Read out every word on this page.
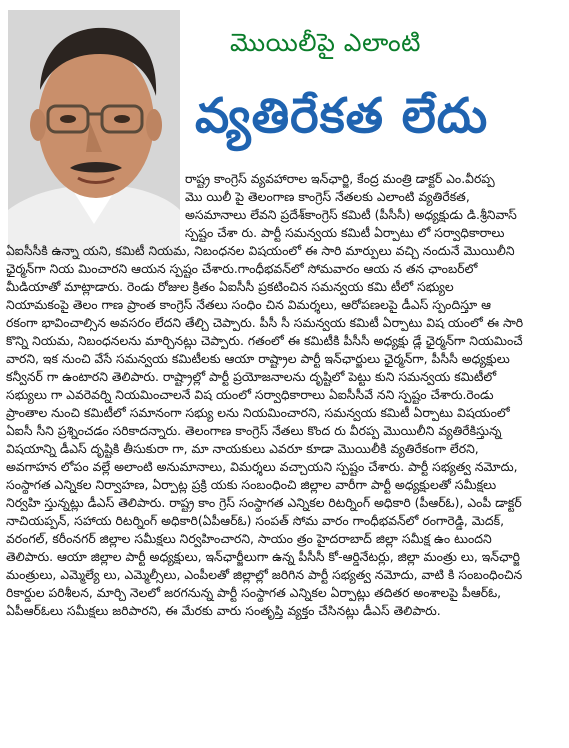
మొయిలీపై ఎలాంటి
వ్యతిరేకత లేదు
రాష్ట్ర కాంగ్రెస్ వ్యవహారాల ఇన్‌ఛార్జి, కేంద్ర మంత్రి డాక్టర్ ఎం.వీరప్ప
మొ యిలీ పై తెలంగాణ కాంగ్రెస్ నేతలకు ఎలాంటి వ్యతిరేకత,
అసమానాలు లేవని ప్రదేశ్‌కాంగ్రెస్ కమిటీ (పీసీసీ) అధ్యక్షుడు డి.శ్రీనివాస్
స్పష్టం చేశా రు. పార్టీ సమన్వయ కమిటీ ఏర్పాటు లో సర్వాధికారాలు
ఏఐసీసీకి ఉన్నా యని, కమిటీ నియమ, నిబంధనల విషయంలో ఈ సారి మార్పులు వచ్చి నందునే మొయిలీని
ఛైర్మన్‌గా నియ మించారని ఆయన స్పష్టం చేశారు.గాంధీభవన్‌లో సోమవారం ఆయ న తన ఛాంబర్‌లో
మీడియాతో మాట్లాడారు. రెండు రోజుల క్రితం ఏఐసీసీ ప్రకటించిన సమన్వయ కమి టీలో సభ్యుల
నియామకంపై తెలం గాణ ప్రాంత కాంగ్రెస్ నేతలు సంధిం చిన విమర్శలు, ఆరోపణలపై డీఎస్ స్పందిస్తూ ఆ
రకంగా భావించాల్సిన అవసరం లేదని తేల్చి చెప్పారు. పీసీ సీ సమన్వయ కమిటీ ఏర్పాటు విష యంలో ఈ సారి
కొన్ని నియమ, నిబంధనలను మార్చినట్లు చెప్పారు. గతంలో ఈ కమిటీకి పీసీసీ అధ్యక్షు డ్లే ఛైర్మన్‌గా నియమించే
వారని, ఇక నుంచి వేసే సమన్వయ కమిటీలకు ఆయా రాష్ట్రాల పార్టీ ఇన్‌ఛార్జులు ఛైర్మన్‌గా, పీసీసీ అధ్యక్షులు
కన్వీనర్ గా ఉంటారని తెలిపారు. రాష్ట్రాల్లో పార్టీ ప్రయోజనాలను దృష్టిలో పెట్టు కుని సమన్వయ కమిటీలో
సభ్యులు గా ఎవరెవర్ని నియమించాలనే విష యంలో సర్వాధికారాలు ఏఐసీసీవే నని స్పష్టం చేశారు.రెండు
ప్రాంతాల నుంచి కమిటీలో సమానంగా సభ్యు లను నియమించారని, సమన్వయ కమిటీ ఏర్పాటు విషయంలో
ఏఐసీ సీని ప్రశ్నించడం సరికాదన్నారు. తెలంగాణ కాంగ్రెస్ నేతలు కొంద రు వీరప్ప మొయిలీని వ్యతిరేకిస్తున్న
విషయాన్ని డీఎస్ దృష్టికి తీసుకురా గా, మా నాయకులు ఎవరూ కూడా మొయిలీకి వ్యతిరేకంగా లేరని,
అవగాహన లోపం వల్లే అలాంటి అనుమానాలు, విమర్శలు వచ్చాయని స్పష్టం చేశారు. పార్టీ సభ్యత్వ నమోదు,
సంస్థాగత ఎన్నికల నిర్వాహణ, ఏర్పాట్ల ప్రక్రి యకు సంబంధించి జిల్లాల వారీగా పార్టీ అధ్యక్షులతో సమీక్షలు
నిర్వహి స్తున్నట్లు డీఎస్ తెలిపారు. రాష్ట్ర కాం గ్రెస్ సంస్థాగత ఎన్నికల రిటర్నింగ్ అధికారి (పీఆర్‌ఓ), ఎంపీ డాక్టర్
నాచియప్పన్, సహాయ రిటర్నింగ్ అధికారి(ఏపీఆర్‌ఓ) సంపత్ సోమ వారం గాంధీభవన్‌లో రంగారెడ్డి, మెదక్,
వరంగల్, కరీంనగర్ జిల్లాల సమీక్షలు నిర్వహించారని, సాయం త్రం హైదరాబాద్ జిల్లా సమీక్ష ఉం టుందని
తెలిపారు. ఆయా జిల్లాల పార్టీ అధ్యక్షులు, ఇన్‌ఛార్జీలుగా ఉన్న పీసీసీ కో-ఆర్డినేటర్లు, జిల్లా మంత్రు లు, ఇన్‌ఛార్జి
మంత్రులు, ఎమ్మెల్యే లు, ఎమ్మెల్సీలు, ఎంపీలతో జిల్లాల్లో జరిగిన పార్టీ సభ్యత్వ నమోదు, వాటి కి సంబంధించిన
రికార్డుల పరిశీలన, మార్చి నెలలో జరగనున్న పార్టీ సంస్థాగత ఎన్నికల ఏర్పాట్లు తదితర అంశాలపై పీఆర్‌ఓ,
ఏపీఆర్‌ఓలు సమీక్షలు జరిపారని, ఈ మేరకు వారు సంతృప్తి వ్యక్తం చేసినట్లు డీఎస్ తెలిపారు.
